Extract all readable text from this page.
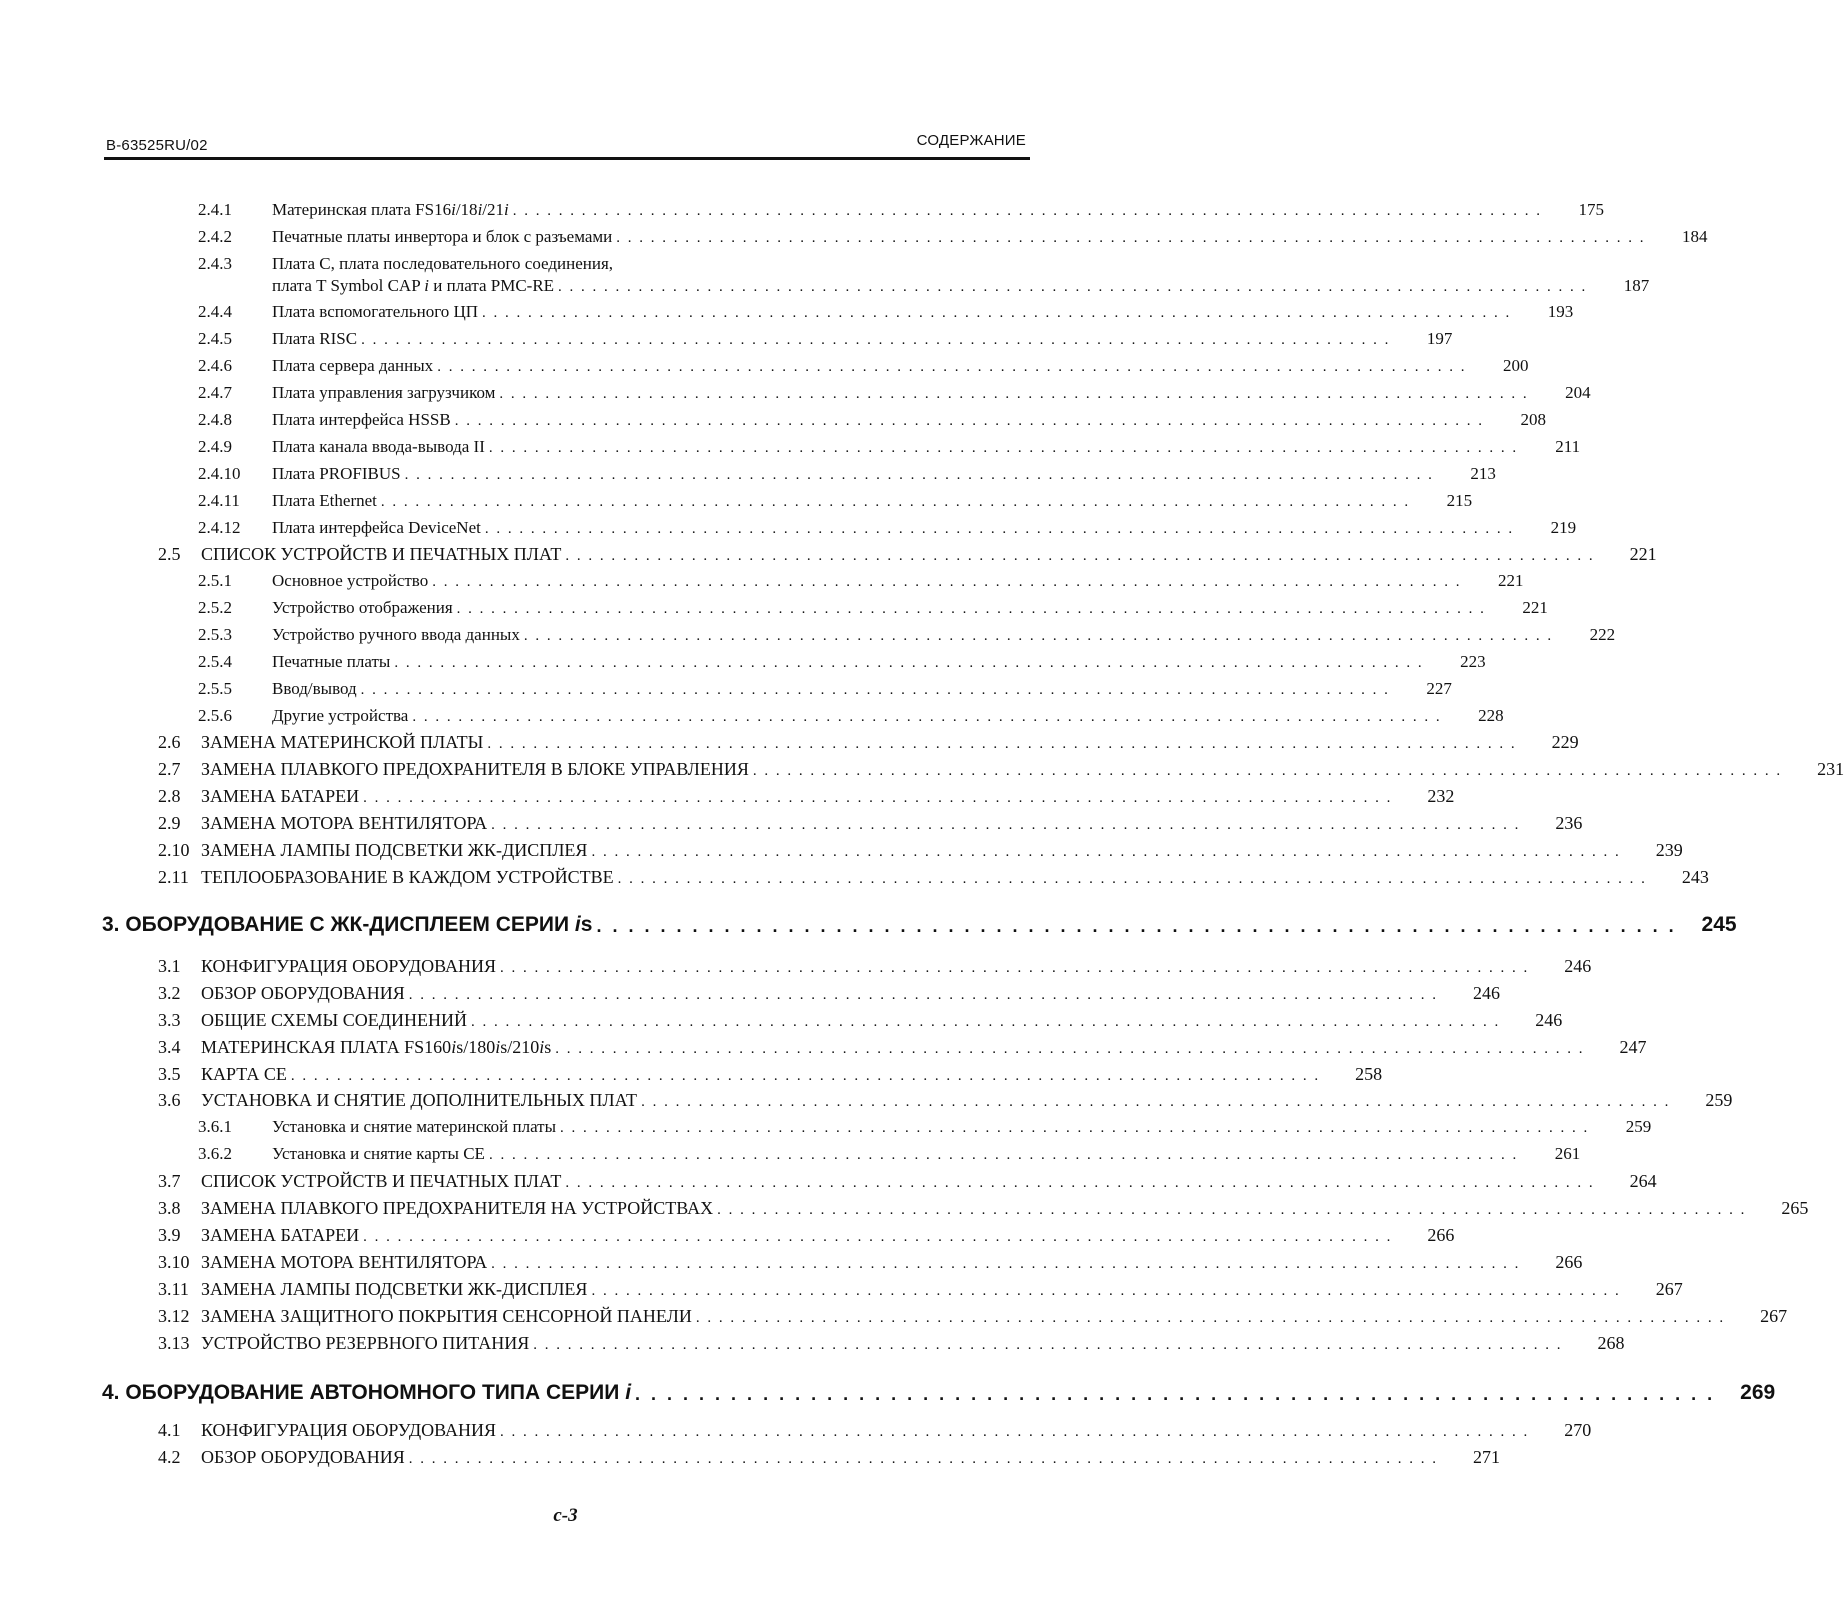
B-63525RU/02	СОДЕРЖАНИЕ
2.4.1	Материнская плата FS16i/18i/21i . . . . . . . . . . . . . . . . . . . . . . . . . . . . . . . . . . . . . . . . . . . . . . . . . . . . . . . . . . . . . . . . . . . . . . . . . . . . . . . . . . . . . . . . . . 175
2.4.2	Печатные платы инвертора и блок с разъемами . . . . . . . . . . . . . . . . . . . . . . . . . . . . . . . . . . . . . . . . . . . . . . . . . . . . . . . . . . . . . . . . . . . . . . . . . . . . . . . . . . . . . . . . . . 184
2.4.3	Плата C, плата последовательного соединения,
плата T Symbol CAP i и плата PMC-RE . . . . . . . . . . . . . . . . . . . . . . . . . . . . . . . . . . . . . . . . . . . . . . . . . . . . . . . . . . . . . . . . . . . . . . . . . . . . . . . . . . . . . . . . . . 187
2.4.4	Плата вспомогательного ЦП . . . . . . . . . . . . . . . . . . . . . . . . . . . . . . . . . . . . . . . . . . . . . . . . . . . . . . . . . . . . . . . . . . . . . . . . . . . . . . . . . . . . . . . . . . 193
2.4.5	Плата RISC . . . . . . . . . . . . . . . . . . . . . . . . . . . . . . . . . . . . . . . . . . . . . . . . . . . . . . . . . . . . . . . . . . . . . . . . . . . . . . . . . . . . . . . . . . 197
2.4.6	Плата сервера данных . . . . . . . . . . . . . . . . . . . . . . . . . . . . . . . . . . . . . . . . . . . . . . . . . . . . . . . . . . . . . . . . . . . . . . . . . . . . . . . . . . . . . . . . . . 200
2.4.7	Плата управления загрузчиком . . . . . . . . . . . . . . . . . . . . . . . . . . . . . . . . . . . . . . . . . . . . . . . . . . . . . . . . . . . . . . . . . . . . . . . . . . . . . . . . . . . . . . . . . . 204
2.4.8	Плата интерфейса HSSB . . . . . . . . . . . . . . . . . . . . . . . . . . . . . . . . . . . . . . . . . . . . . . . . . . . . . . . . . . . . . . . . . . . . . . . . . . . . . . . . . . . . . . . . . . 208
2.4.9	Плата канала ввода-вывода II . . . . . . . . . . . . . . . . . . . . . . . . . . . . . . . . . . . . . . . . . . . . . . . . . . . . . . . . . . . . . . . . . . . . . . . . . . . . . . . . . . . . . . . . . . 211
2.4.10	Плата PROFIBUS . . . . . . . . . . . . . . . . . . . . . . . . . . . . . . . . . . . . . . . . . . . . . . . . . . . . . . . . . . . . . . . . . . . . . . . . . . . . . . . . . . . . . . . . . . 213
2.4.11	Плата Ethernet . . . . . . . . . . . . . . . . . . . . . . . . . . . . . . . . . . . . . . . . . . . . . . . . . . . . . . . . . . . . . . . . . . . . . . . . . . . . . . . . . . . . . . . . . . 215
2.4.12	Плата интерфейса DeviceNet . . . . . . . . . . . . . . . . . . . . . . . . . . . . . . . . . . . . . . . . . . . . . . . . . . . . . . . . . . . . . . . . . . . . . . . . . . . . . . . . . . . . . . . . . . 219
2.5	СПИСОК УСТРОЙСТВ И ПЕЧАТНЫХ ПЛАТ . . . . . . . . . . . . . . . . . . . . . . . . . . . . . . . . . . . . . . . . . . . . . . . . . . . . . . . . . . . . . . . . . . . . . . . . . . . . . . . . . . . . . . . . . . 221
2.5.1	Основное устройство . . . . . . . . . . . . . . . . . . . . . . . . . . . . . . . . . . . . . . . . . . . . . . . . . . . . . . . . . . . . . . . . . . . . . . . . . . . . . . . . . . . . . . . . . . 221
2.5.2	Устройство отображения . . . . . . . . . . . . . . . . . . . . . . . . . . . . . . . . . . . . . . . . . . . . . . . . . . . . . . . . . . . . . . . . . . . . . . . . . . . . . . . . . . . . . . . . . . 221
2.5.3	Устройство ручного ввода данных . . . . . . . . . . . . . . . . . . . . . . . . . . . . . . . . . . . . . . . . . . . . . . . . . . . . . . . . . . . . . . . . . . . . . . . . . . . . . . . . . . . . . . . . . . 222
2.5.4	Печатные платы . . . . . . . . . . . . . . . . . . . . . . . . . . . . . . . . . . . . . . . . . . . . . . . . . . . . . . . . . . . . . . . . . . . . . . . . . . . . . . . . . . . . . . . . . . 223
2.5.5	Ввод/вывод . . . . . . . . . . . . . . . . . . . . . . . . . . . . . . . . . . . . . . . . . . . . . . . . . . . . . . . . . . . . . . . . . . . . . . . . . . . . . . . . . . . . . . . . . . 227
2.5.6	Другие устройства . . . . . . . . . . . . . . . . . . . . . . . . . . . . . . . . . . . . . . . . . . . . . . . . . . . . . . . . . . . . . . . . . . . . . . . . . . . . . . . . . . . . . . . . . . 228
2.6	ЗАМЕНА МАТЕРИНСКОЙ ПЛАТЫ . . . . . . . . . . . . . . . . . . . . . . . . . . . . . . . . . . . . . . . . . . . . . . . . . . . . . . . . . . . . . . . . . . . . . . . . . . . . . . . . . . . . . . . . . . 229
2.7	ЗАМЕНА ПЛАВКОГО ПРЕДОХРАНИТЕЛЯ В БЛОКЕ УПРАВЛЕНИЯ . . . . . . . . . . . . . . . . . . . . . . . . . . . . . . . . . . . . . . . . . . . . . . . . . . . . . . . . . . . . . . . . . . . . . . . . . . . . . . . . . . . . . . . . . . 231
2.8	ЗАМЕНА БАТАРЕИ . . . . . . . . . . . . . . . . . . . . . . . . . . . . . . . . . . . . . . . . . . . . . . . . . . . . . . . . . . . . . . . . . . . . . . . . . . . . . . . . . . . . . . . . . . 232
2.9	ЗАМЕНА МОТОРА ВЕНТИЛЯТОРА . . . . . . . . . . . . . . . . . . . . . . . . . . . . . . . . . . . . . . . . . . . . . . . . . . . . . . . . . . . . . . . . . . . . . . . . . . . . . . . . . . . . . . . . . . 236
2.10 ЗАМЕНА ЛАМПЫ ПОДСВЕТКИ ЖК-ДИСПЛЕЯ . . . . . . . . . . . . . . . . . . . . . . . . . . . . . . . . . . . . . . . . . . . . . . . . . . . . . . . . . . . . . . . . . . . . . . . . . . . . . . . . . . . . . . . . . . 239
2.11 ТЕПЛООБРАЗОВАНИЕ В КАЖДОМ УСТРОЙСТВЕ . . . . . . . . . . . . . . . . . . . . . . . . . . . . . . . . . . . . . . . . . . . . . . . . . . . . . . . . . . . . . . . . . . . . . . . . . . . . . . . . . . . . . . . . . . 243
3. ОБОРУДОВАНИЕ С ЖК-ДИСПЛЕЕМ СЕРИИ is . . . . . . . . . . . . . . . . . . . . . . . . . . . . . . . . . . . . . . . . . . . . . . . . . . . . . . . . . . . . . . . . . . . . 245
3.1	КОНФИГУРАЦИЯ ОБОРУДОВАНИЯ . . . . . . . . . . . . . . . . . . . . . . . . . . . . . . . . . . . . . . . . . . . . . . . . . . . . . . . . . . . . . . . . . . . . . . . . . . . . . . . . . . . . . . . . . . 246
3.2	ОБЗОР ОБОРУДОВАНИЯ . . . . . . . . . . . . . . . . . . . . . . . . . . . . . . . . . . . . . . . . . . . . . . . . . . . . . . . . . . . . . . . . . . . . . . . . . . . . . . . . . . . . . . . . . . 246
3.3	ОБЩИЕ СХЕМЫ СОЕДИНЕНИЙ . . . . . . . . . . . . . . . . . . . . . . . . . . . . . . . . . . . . . . . . . . . . . . . . . . . . . . . . . . . . . . . . . . . . . . . . . . . . . . . . . . . . . . . . . . 246
3.4	МАТЕРИНСКАЯ ПЛАТА FS160is/180is/210is . . . . . . . . . . . . . . . . . . . . . . . . . . . . . . . . . . . . . . . . . . . . . . . . . . . . . . . . . . . . . . . . . . . . . . . . . . . . . . . . . . . . . . . . . . 247
3.5	КАРТА CE . . . . . . . . . . . . . . . . . . . . . . . . . . . . . . . . . . . . . . . . . . . . . . . . . . . . . . . . . . . . . . . . . . . . . . . . . . . . . . . . . . . . . . . . . . 258
3.6	УСТАНОВКА И СНЯТИЕ ДОПОЛНИТЕЛЬНЫХ ПЛАТ . . . . . . . . . . . . . . . . . . . . . . . . . . . . . . . . . . . . . . . . . . . . . . . . . . . . . . . . . . . . . . . . . . . . . . . . . . . . . . . . . . . . . . . . . . 259
3.6.1	Установка и снятие материнской платы . . . . . . . . . . . . . . . . . . . . . . . . . . . . . . . . . . . . . . . . . . . . . . . . . . . . . . . . . . . . . . . . . . . . . . . . . . . . . . . . . . . . . . . . . . 259
3.6.2	Установка и снятие карты CE . . . . . . . . . . . . . . . . . . . . . . . . . . . . . . . . . . . . . . . . . . . . . . . . . . . . . . . . . . . . . . . . . . . . . . . . . . . . . . . . . . . . . . . . . . 261
3.7	СПИСОК УСТРОЙСТВ И ПЕЧАТНЫХ ПЛАТ . . . . . . . . . . . . . . . . . . . . . . . . . . . . . . . . . . . . . . . . . . . . . . . . . . . . . . . . . . . . . . . . . . . . . . . . . . . . . . . . . . . . . . . . . . 264
3.8	ЗАМЕНА ПЛАВКОГО ПРЕДОХРАНИТЕЛЯ НА УСТРОЙСТВАХ . . . . . . . . . . . . . . . . . . . . . . . . . . . . . . . . . . . . . . . . . . . . . . . . . . . . . . . . . . . . . . . . . . . . . . . . . . . . . . . . . . . . . . . . . . 265
3.9	ЗАМЕНА БАТАРЕИ . . . . . . . . . . . . . . . . . . . . . . . . . . . . . . . . . . . . . . . . . . . . . . . . . . . . . . . . . . . . . . . . . . . . . . . . . . . . . . . . . . . . . . . . . . 266
3.10 ЗАМЕНА МОТОРА ВЕНТИЛЯТОРА . . . . . . . . . . . . . . . . . . . . . . . . . . . . . . . . . . . . . . . . . . . . . . . . . . . . . . . . . . . . . . . . . . . . . . . . . . . . . . . . . . . . . . . . . . 266
3.11 ЗАМЕНА ЛАМПЫ ПОДСВЕТКИ ЖК-ДИСПЛЕЯ . . . . . . . . . . . . . . . . . . . . . . . . . . . . . . . . . . . . . . . . . . . . . . . . . . . . . . . . . . . . . . . . . . . . . . . . . . . . . . . . . . . . . . . . . . 267
3.12 ЗАМЕНА ЗАЩИТНОГО ПОКРЫТИЯ СЕНСОРНОЙ ПАНЕЛИ . . . . . . . . . . . . . . . . . . . . . . . . . . . . . . . . . . . . . . . . . . . . . . . . . . . . . . . . . . . . . . . . . . . . . . . . . . . . . . . . . . . . . . . . . . 267
3.13 УСТРОЙСТВО РЕЗЕРВНОГО ПИТАНИЯ . . . . . . . . . . . . . . . . . . . . . . . . . . . . . . . . . . . . . . . . . . . . . . . . . . . . . . . . . . . . . . . . . . . . . . . . . . . . . . . . . . . . . . . . . . 268
4. ОБОРУДОВАНИЕ АВТОНОМНОГО ТИПА СЕРИИ i . . . . . . . . . . . . . . . . . . . . . . . . . . . . . . . . . . . . . . . . . . . . . . . . . . . . . . . . . . . . . . . . . . . . 269
4.1	КОНФИГУРАЦИЯ ОБОРУДОВАНИЯ . . . . . . . . . . . . . . . . . . . . . . . . . . . . . . . . . . . . . . . . . . . . . . . . . . . . . . . . . . . . . . . . . . . . . . . . . . . . . . . . . . . . . . . . . . 270
4.2	ОБЗОР ОБОРУДОВАНИЯ . . . . . . . . . . . . . . . . . . . . . . . . . . . . . . . . . . . . . . . . . . . . . . . . . . . . . . . . . . . . . . . . . . . . . . . . . . . . . . . . . . . . . . . . . . 271
c-3
